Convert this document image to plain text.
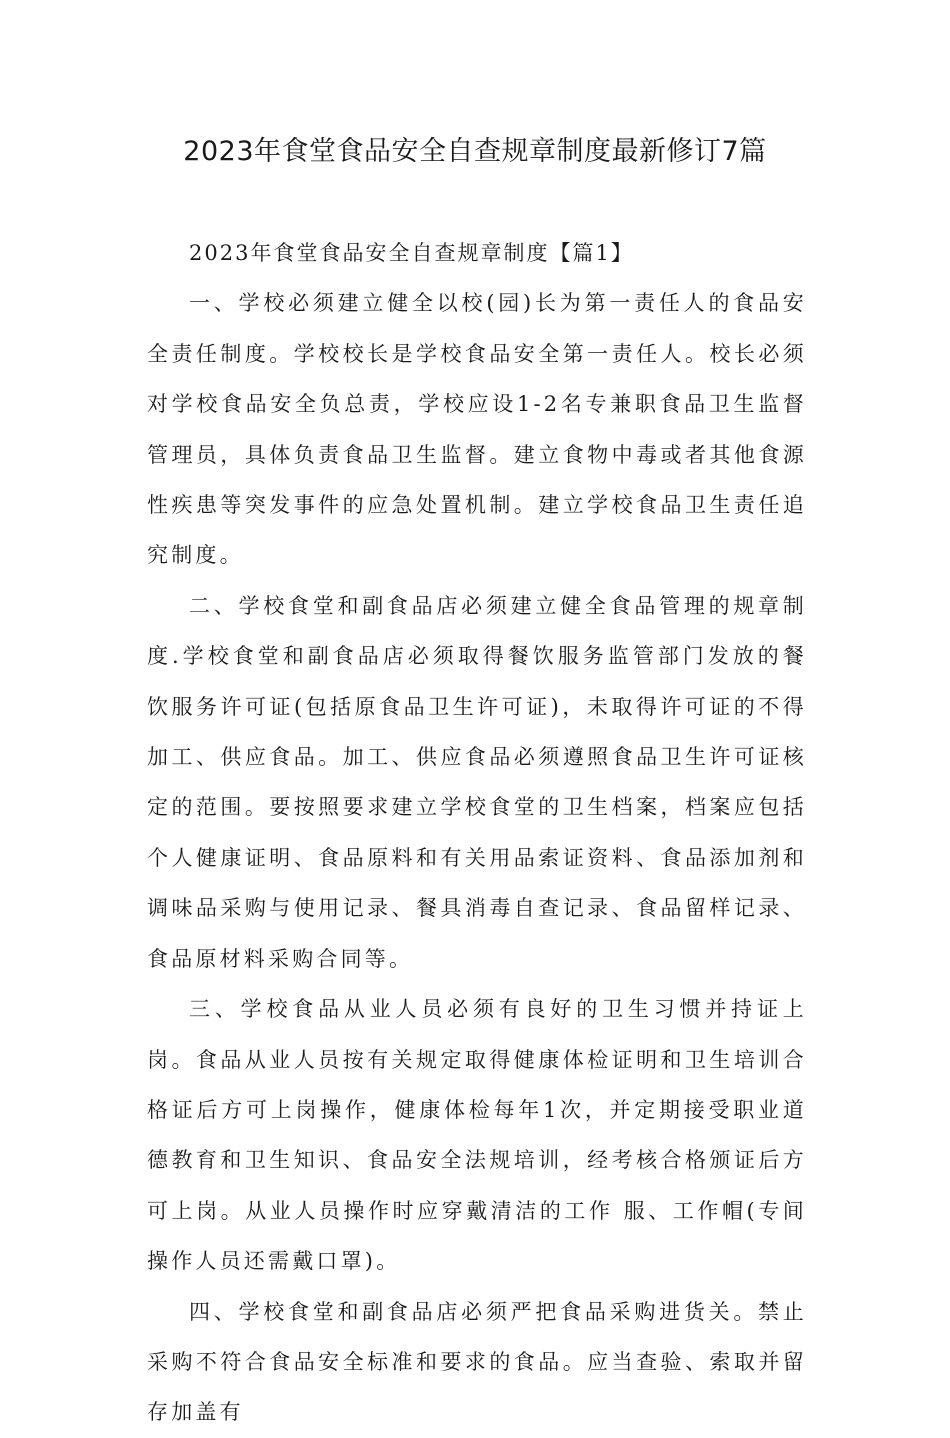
2023年食堂食品安全自查规章制度最新修订7篇

2023年食堂食品安全自查规章制度【篇1】

一、学校必须建立健全以校(园)长为第一责任人的食品安全责任制度。学校校长是学校食品安全第一责任人。校长必须对学校食品安全负总责，学校应设1-2名专兼职食品卫生监督管理员，具体负责食品卫生监督。建立食物中毒或者其他食源性疾患等突发事件的应急处置机制。建立学校食品卫生责任追究制度。

二、学校食堂和副食品店必须建立健全食品管理的规章制度.学校食堂和副食品店必须取得餐饮服务监管部门发放的餐饮服务许可证(包括原食品卫生许可证)，未取得许可证的不得加工、供应食品。加工、供应食品必须遵照食品卫生许可证核定的范围。要按照要求建立学校食堂的卫生档案，档案应包括个人健康证明、食品原料和有关用品索证资料、食品添加剂和调味品采购与使用记录、餐具消毒自查记录、食品留样记录、食品原材料采购合同等。

三、学校食品从业人员必须有良好的卫生习惯并持证上岗。食品从业人员按有关规定取得健康体检证明和卫生培训合格证后方可上岗操作，健康体检每年1次，并定期接受职业道德教育和卫生知识、食品安全法规培训，经考核合格颁证后方可上岗。从业人员操作时应穿戴清洁的工作 服、工作帽(专间操作人员还需戴口罩)。

四、学校食堂和副食品店必须严把食品采购进货关。禁止采购不符合食品安全标准和要求的食品。应当查验、索取并留存加盖有
